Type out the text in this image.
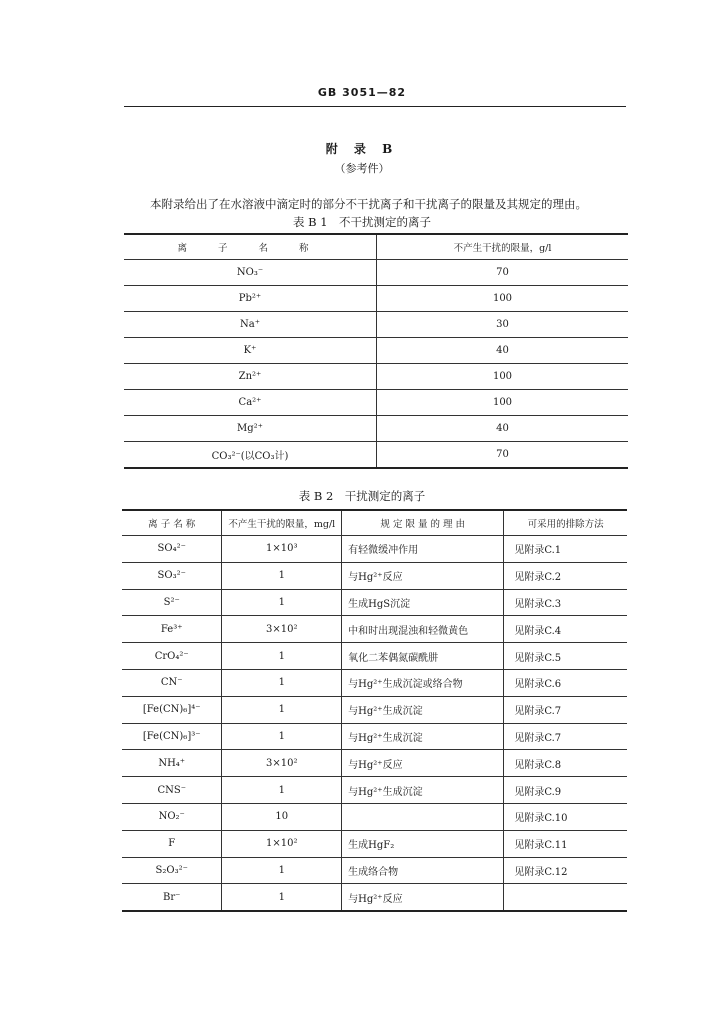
GB 3051—82
附 录 B
（参考件）
本附录给出了在水溶液中滴定时的部分不干扰离子和干扰离子的限量及其规定的理由。
表 B 1　不干扰测定的离子
离 子 名 称	不产生干扰的限量，g/l
NO₃⁻	70
Pb²⁺	100
Na⁺	30
K⁺	40
Zn²⁺	100
Ca²⁺	100
Mg²⁺	40
CO₃²⁻(以CO₃计)	70
表 B 2　干扰测定的离子
离 子 名 称	不产生干扰的限量，mg/l	规 定 限 量 的 理 由	可采用的排除方法
SO₄²⁻	1×10³	有轻微缓冲作用	见附录C.1
SO₃²⁻	1	与Hg²⁺反应	见附录C.2
S²⁻	1	生成HgS沉淀	见附录C.3
Fe³⁺	3×10²	中和时出现混浊和轻微黄色	见附录C.4
CrO₄²⁻	1	氧化二苯偶氮碳酰肼	见附录C.5
CN⁻	1	与Hg²⁺生成沉淀或络合物	见附录C.6
[Fe(CN)₆]⁴⁻	1	与Hg²⁺生成沉淀	见附录C.7
[Fe(CN)₆]³⁻	1	与Hg²⁺生成沉淀	见附录C.7
NH₄⁺	3×10²	与Hg²⁺反应	见附录C.8
CNS⁻	1	与Hg²⁺生成沉淀	见附录C.9
NO₂⁻	10		见附录C.10
F	1×10²	生成HgF₂	见附录C.11
S₂O₃²⁻	1	生成络合物	见附录C.12
Br⁻	1	与Hg²⁺反应	
